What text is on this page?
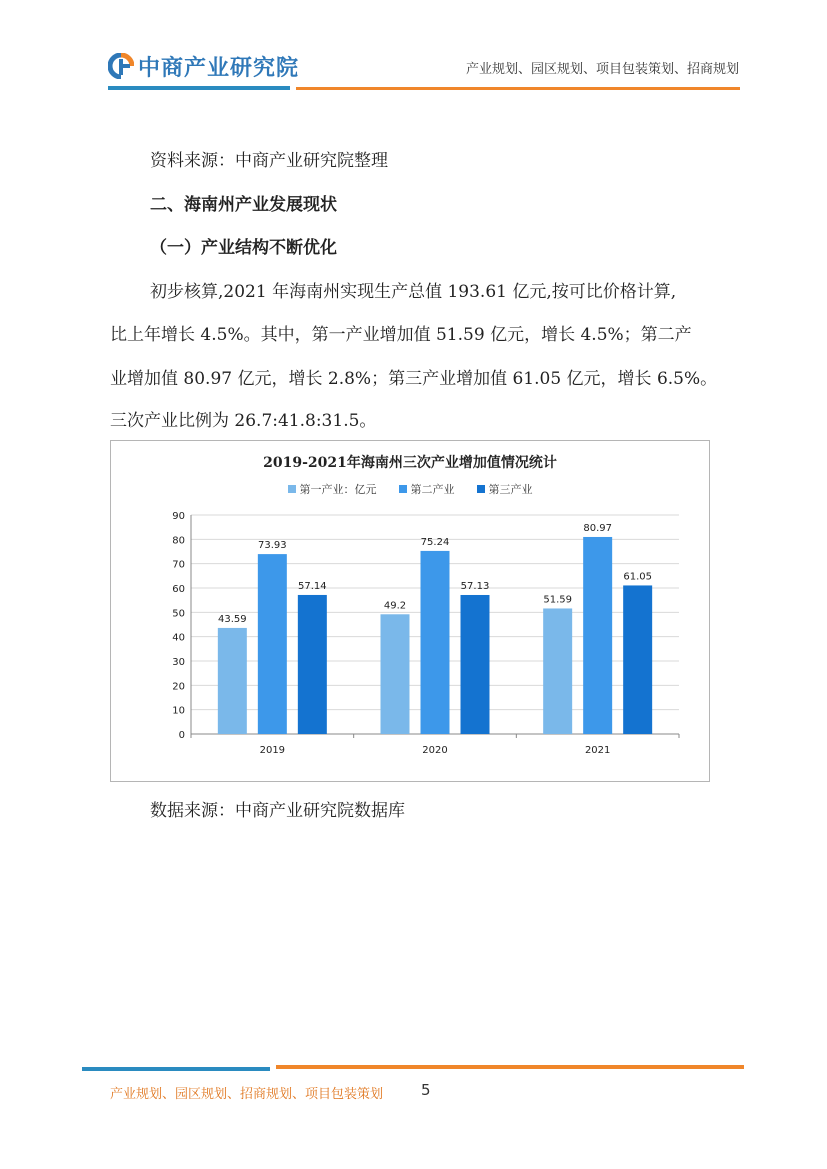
中商产业研究院	产业规划、园区规划、项目包装策划、招商规划
资料来源：中商产业研究院整理
二、海南州产业发展现状
（一）产业结构不断优化
初步核算,2021 年海南州实现生产总值 193.61 亿元,按可比价格计算,
比上年增长 4.5%。其中，第一产业增加值 51.59 亿元，增长 4.5%；第二产
业增加值 80.97 亿元，增长 2.8%；第三产业增加值 61.05 亿元，增长 6.5%。
三次产业比例为 26.7:41.8:31.5。
2019-2021年海南州三次产业增加值情况统计
第一产业：亿元	第二产业	第三产业
0
10
20
30
40
50
60
70
80
90
43.59
73.93
57.14
2019
49.2
75.24
57.13
2020
51.59
80.97
61.05
2021
数据来源：中商产业研究院数据库
产业规划、园区规划、招商规划、项目包装策划	5
